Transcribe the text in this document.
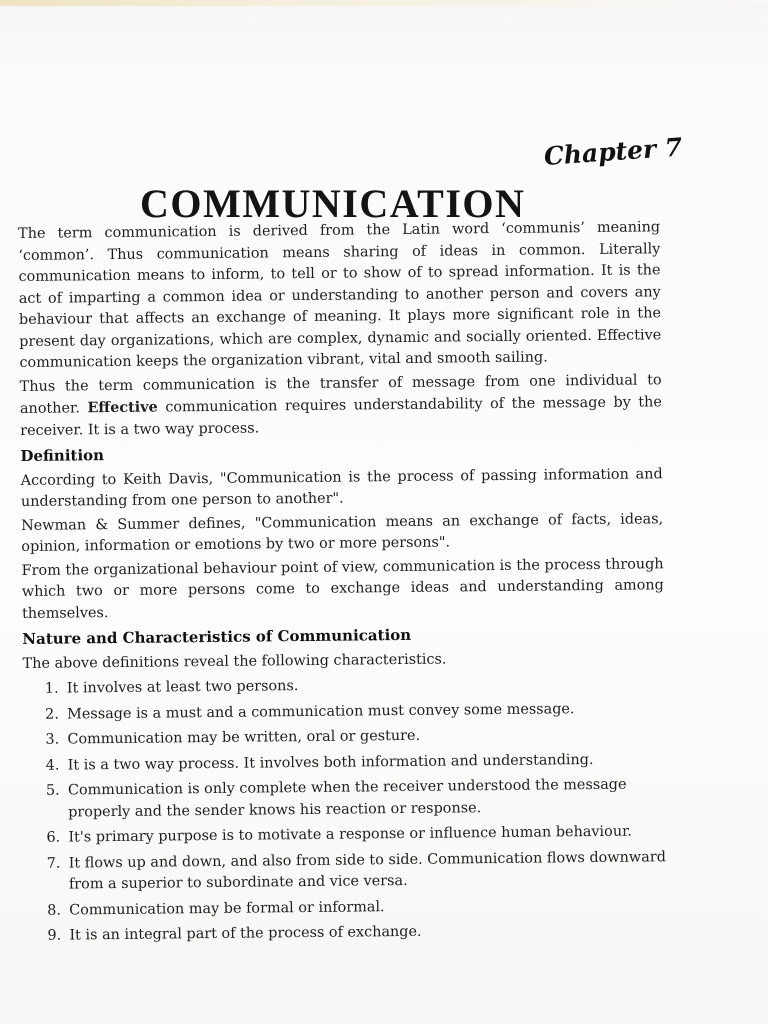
Chapter 7
COMMUNICATION

The term communication is derived from the Latin word ‘communis’ meaning ‘common’. Thus communication means sharing of ideas in common. Literally communication means to inform, to tell or to show of to spread information. It is the act of imparting a common idea or understanding to another person and covers any behaviour that affects an exchange of meaning. It plays more significant role in the present day organizations, which are complex, dynamic and socially oriented. Effective communication keeps the organization vibrant, vital and smooth sailing.

Thus the term communication is the transfer of message from one individual to another. Effective communication requires understandability of the message by the receiver. It is a two way process.

Definition

According to Keith Davis, "Communication is the process of passing information and understanding from one person to another".

Newman & Summer defines, "Communication means an exchange of facts, ideas, opinion, information or emotions by two or more persons".

From the organizational behaviour point of view, communication is the process through which two or more persons come to exchange ideas and understanding among themselves.

Nature and Characteristics of Communication

The above definitions reveal the following characteristics.

1. It involves at least two persons.
2. Message is a must and a communication must convey some message.
3. Communication may be written, oral or gesture.
4. It is a two way process. It involves both information and understanding.
5. Communication is only complete when the receiver understood the message properly and the sender knows his reaction or response.
6. It's primary purpose is to motivate a response or influence human behaviour.
7. It flows up and down, and also from side to side. Communication flows downward from a superior to subordinate and vice versa.
8. Communication may be formal or informal.
9. It is an integral part of the process of exchange.
